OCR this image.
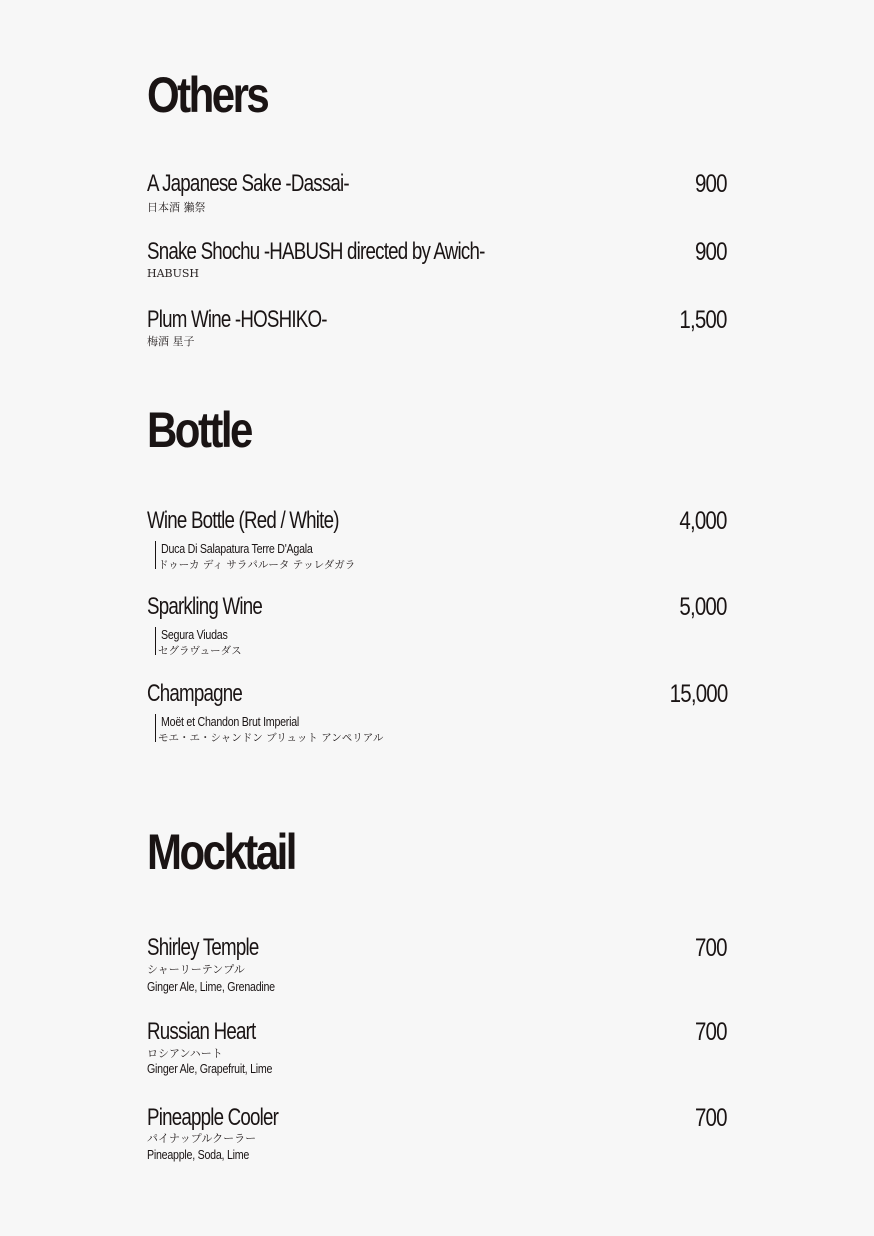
Others
A Japanese Sake -Dassai-	900
日本酒 獺祭
Snake Shochu -HABUSH directed by Awich-	900
HABUSH
Plum Wine -HOSHIKO-	1,500
梅酒 星子
Bottle
Wine Bottle (Red / White)	4,000
Duca Di Salapatura Terre D'Agala
ドゥーカ ディ サラパルータ テッレダガラ
Sparkling Wine	5,000
Segura Viudas
セグラヴューダス
Champagne	15,000
Moët et Chandon Brut Imperial
モエ・エ・シャンドン ブリュット アンペリアル
Mocktail
Shirley Temple	700
シャーリーテンプル
Ginger Ale, Lime, Grenadine
Russian Heart	700
ロシアンハート
Ginger Ale, Grapefruit, Lime
Pineapple Cooler	700
パイナップルクーラー
Pineapple, Soda, Lime
